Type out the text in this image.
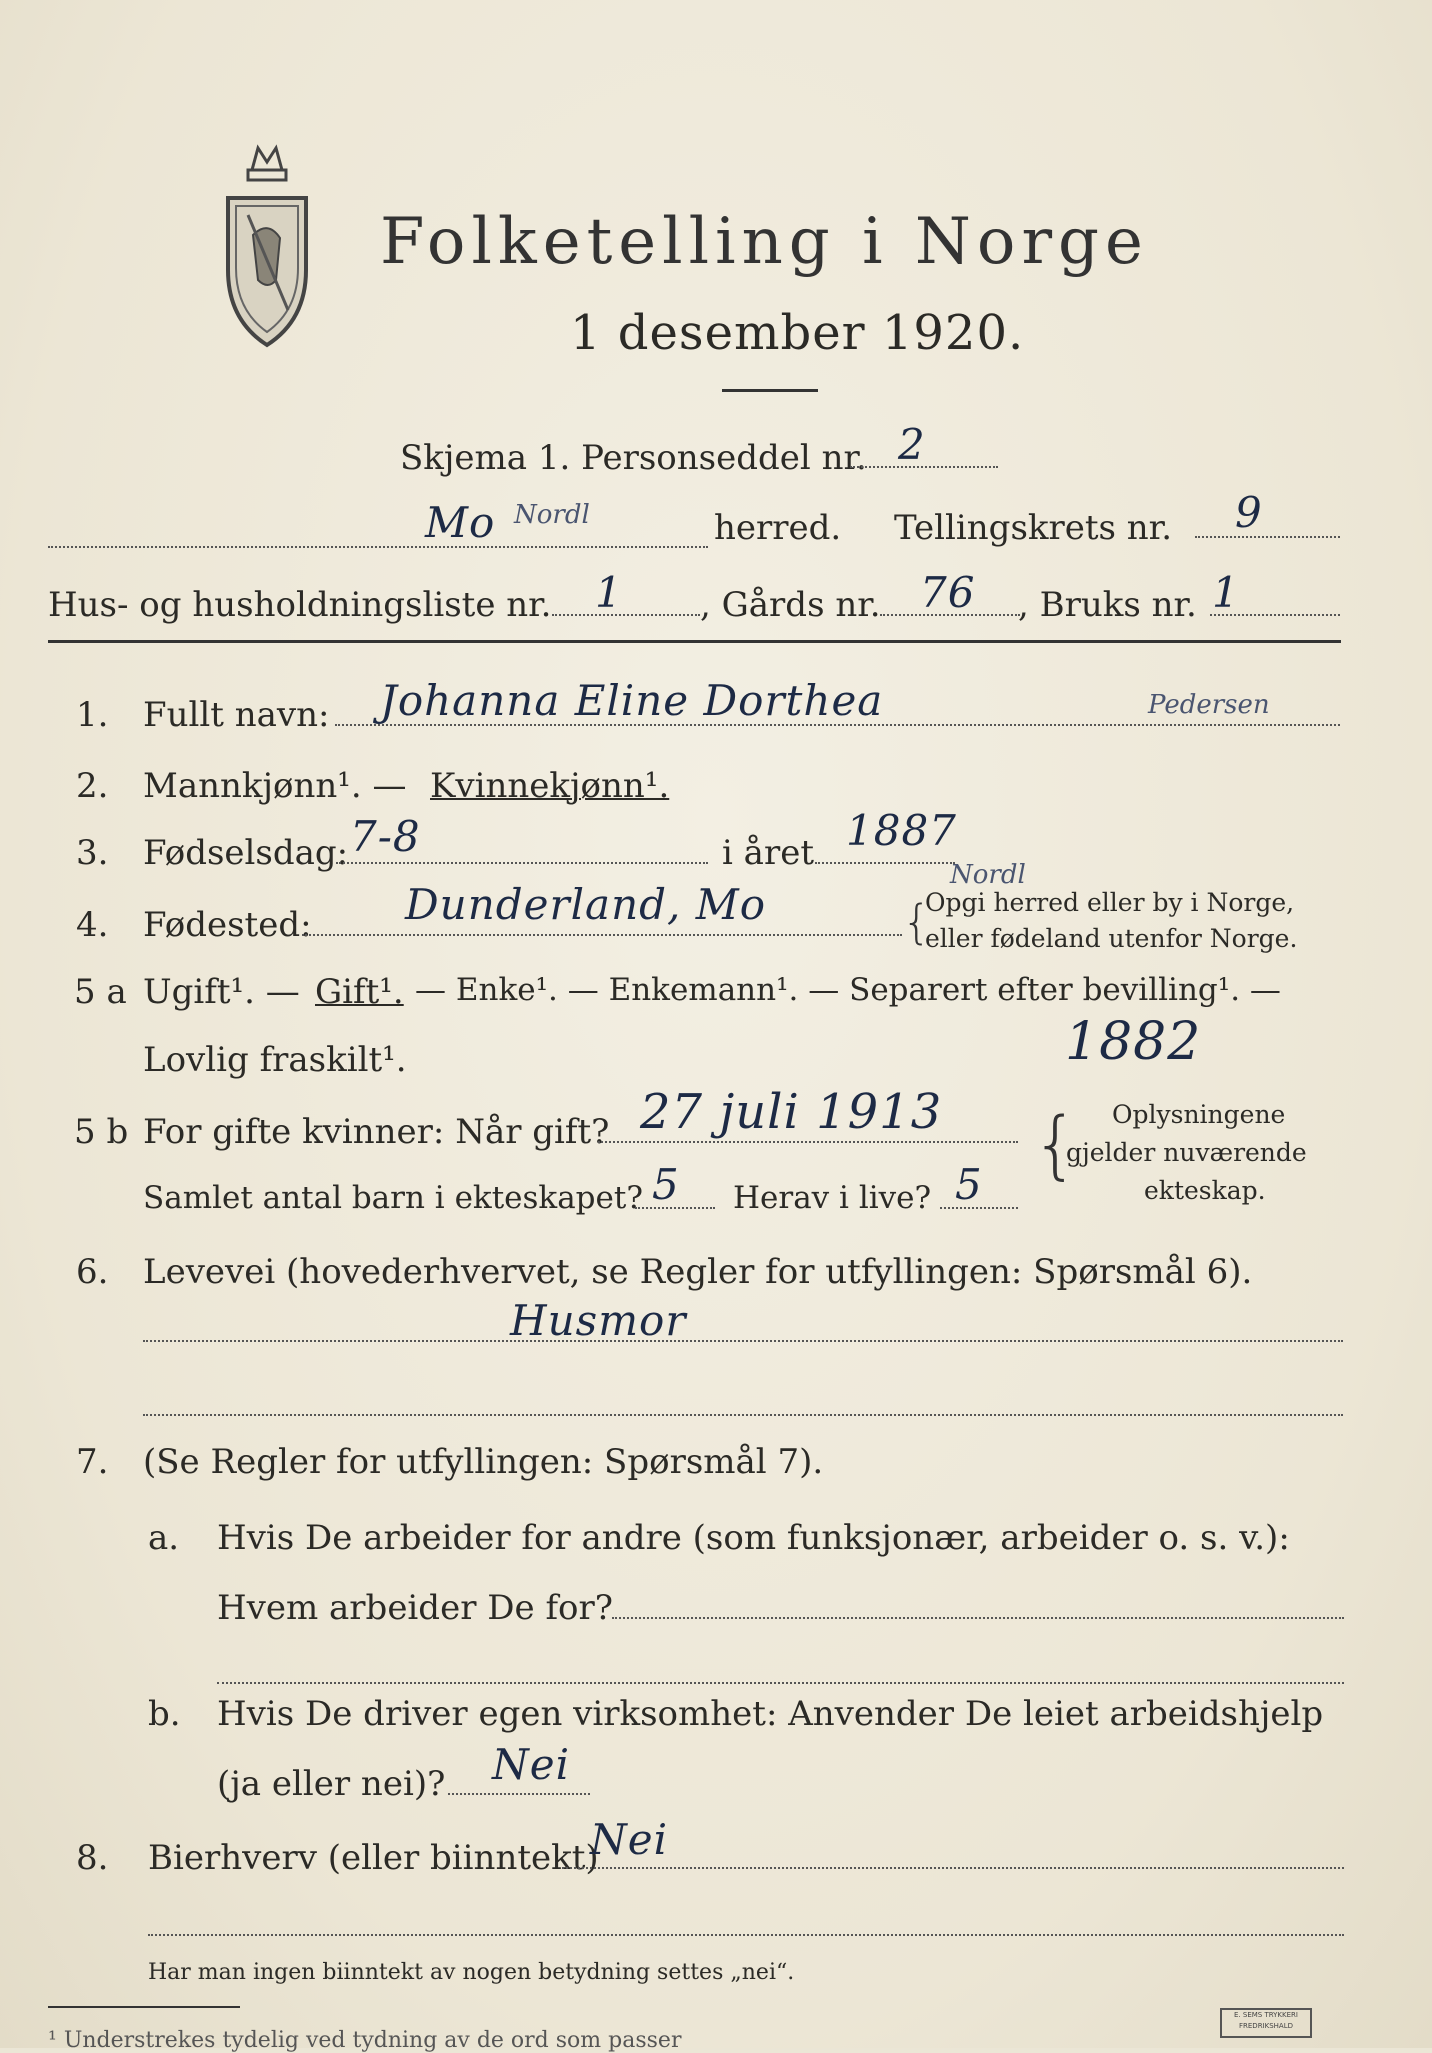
Folketelling i Norge
1 desember 1920.
Skjema 1. Personseddel nr. 2
Mo Nordl	herred. Tellingskrets nr. 9
Hus- og husholdningsliste nr. 1 , Gårds nr. 76 , Bruks nr. 1
1. Fullt navn: Johanna Eline Dorthea	Pedersen
2. Mannkjønn¹. — Kvinnekjønn¹.
3. Fødselsdag: 7-8	i året 1887
4. Fødested: Dunderland, Mo
Nordl
{
Opgi herred eller by i Norge,
eller fødeland utenfor Norge.
5 a Ugift¹. — Gift¹. — Enke¹. — Enkemann¹. — Separert efter bevilling¹. —
Lovlig fraskilt¹.	1882
5 b For gifte kvinner: Når gift? 27 juli 1913 { Oplysningene
gjelder nuværende
ekteskap.
Samlet antal barn i ekteskapet? 5 Herav i live? 5
6. Levevei (hovederhvervet, se Regler for utfyllingen: Spørsmål 6).
Husmor
7. (Se Regler for utfyllingen: Spørsmål 7).
a. Hvis De arbeider for andre (som funksjonær, arbeider o. s. v.):
Hvem arbeider De for?
b. Hvis De driver egen virksomhet: Anvender De leiet arbeidshjelp
(ja eller nei)? Nei
8. Bierhverv (eller biinntekt)
Nei
Har man ingen biinntekt av nogen betydning settes „nei“.
¹ Understrekes tydelig ved tydning av de ord som passer
E. SEMS TRYKKERI FREDRIKSHALD
